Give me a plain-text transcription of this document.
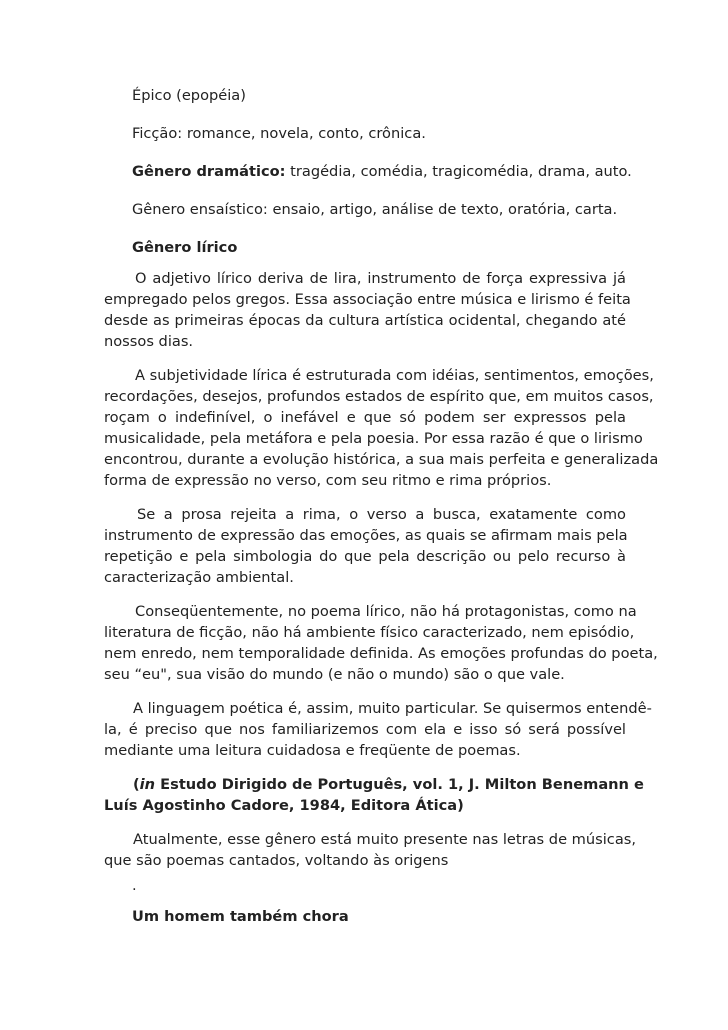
Épico (epopéia)
Ficção: romance, novela, conto, crônica.
Gênero dramático: tragédia, comédia, tragicomédia, drama, auto.
Gênero ensaístico: ensaio, artigo, análise de texto, oratória, carta.
Gênero lírico
O adjetivo lírico deriva de lira, instrumento de força expressiva já
empregado pelos gregos. Essa associação entre música e lirismo é feita
desde as primeiras épocas da cultura artística ocidental, chegando até
nossos dias.
A subjetividade lírica é estruturada com idéias, sentimentos, emoções,
recordações, desejos, profundos estados de espírito que, em muitos casos,
roçam o indefinível, o inefável e que só podem ser expressos pela
musicalidade, pela metáfora e pela poesia. Por essa razão é que o lirismo
encontrou, durante a evolução histórica, a sua mais perfeita e generalizada
forma de expressão no verso, com seu ritmo e rima próprios.
Se a prosa rejeita a rima, o verso a busca, exatamente como
instrumento de expressão das emoções, as quais se afirmam mais pela
repetição e pela simbologia do que pela descrição ou pelo recurso à
caracterização ambiental.
Conseqüentemente, no poema lírico, não há protagonistas, como na
literatura de ficção, não há ambiente físico caracterizado, nem episódio,
nem enredo, nem temporalidade definida. As emoções profundas do poeta,
seu “eu", sua visão do mundo (e não o mundo) são o que vale.
A linguagem poética é, assim, muito particular. Se quisermos entendê-
la, é preciso que nos familiarizemos com ela e isso só será possível
mediante uma leitura cuidadosa e freqüente de poemas.
(in Estudo Dirigido de Português, vol. 1, J. Milton Benemann e
Luís Agostinho Cadore, 1984, Editora Ática)
Atualmente, esse gênero está muito presente nas letras de músicas,
que são poemas cantados, voltando às origens
.
Um homem também chora
